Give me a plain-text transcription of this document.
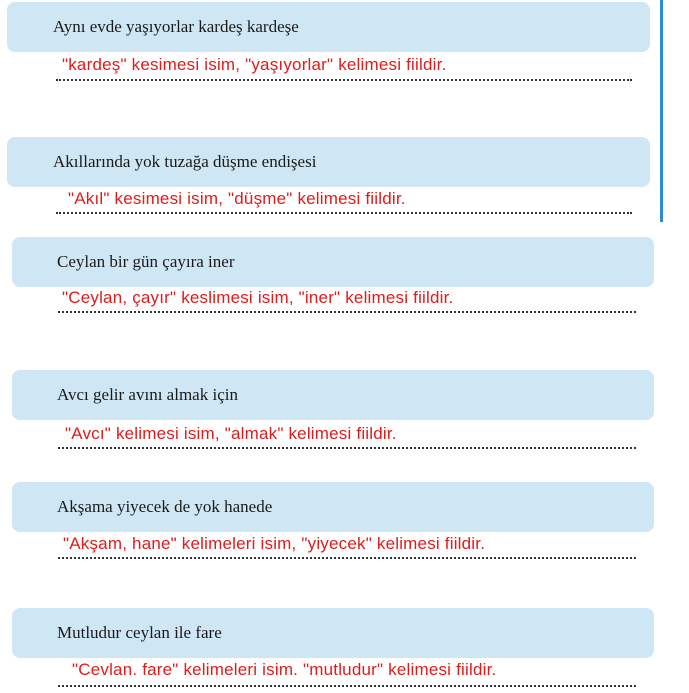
Aynı evde yaşıyorlar kardeş kardeşe
"kardeş" kesimesi isim, "yaşıyorlar" kelimesi fiildir.
Akıllarında yok tuzağa düşme endişesi
"Akıl" kesimesi isim, "düşme" kelimesi fiildir.
Ceylan bir gün çayıra iner
"Ceylan, çayır" keslimesi isim, "iner" kelimesi fiildir.
Avcı gelir avını almak için
"Avcı" kelimesi isim, "almak" kelimesi fiildir.
Akşama yiyecek de yok hanede
"Akşam, hane" kelimeleri isim, "yiyecek" kelimesi fiildir.
Mutludur ceylan ile fare
"Cevlan. fare" kelimeleri isim. "mutludur" kelimesi fiildir.
